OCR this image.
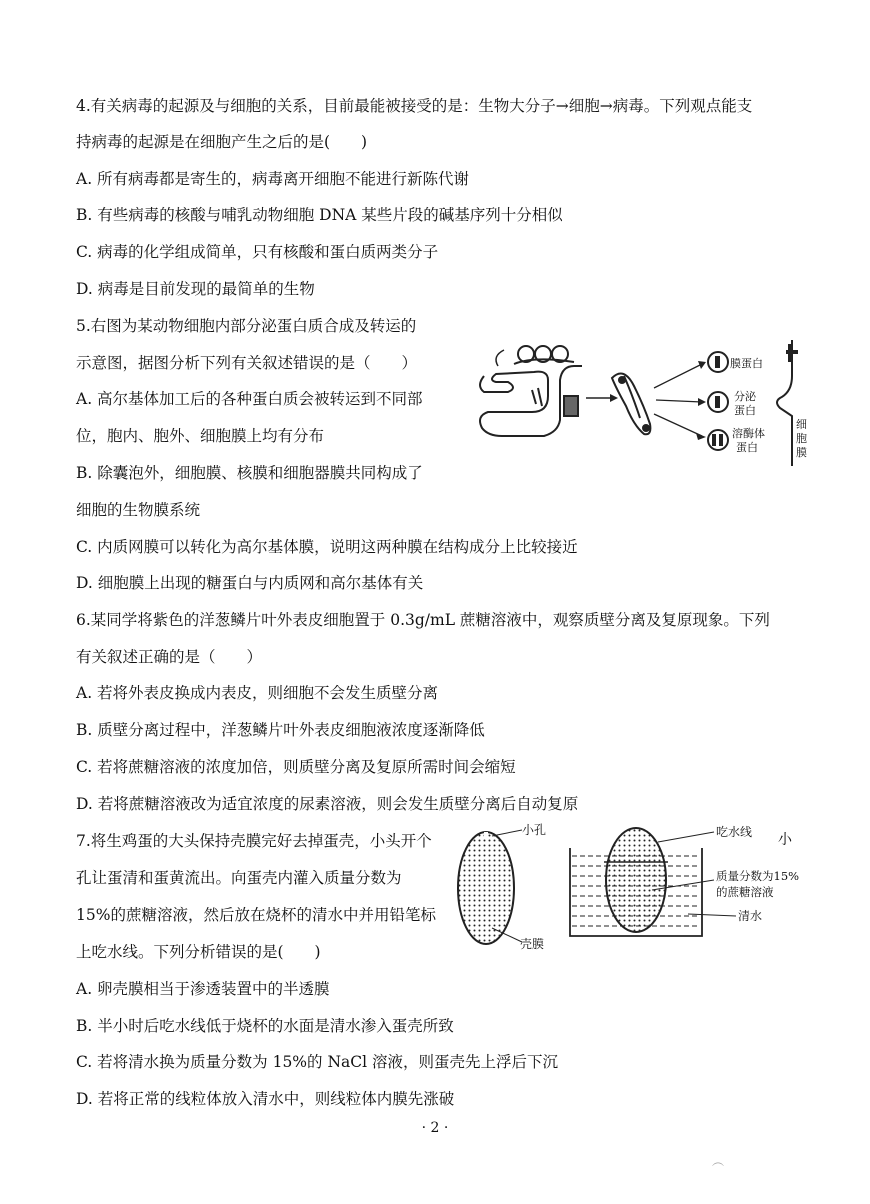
4.有关病毒的起源及与细胞的关系，目前最能被接受的是：生物大分子→细胞→病毒。下列观点能支
持病毒的起源是在细胞产生之后的是(　　)
A. 所有病毒都是寄生的，病毒离开细胞不能进行新陈代谢
B. 有些病毒的核酸与哺乳动物细胞 DNA 某些片段的碱基序列十分相似
C. 病毒的化学组成简单，只有核酸和蛋白质两类分子
D. 病毒是目前发现的最简单的生物
5.右图为某动物细胞内部分泌蛋白质合成及转运的
示意图，据图分析下列有关叙述错误的是（　　）
A. 高尔基体加工后的各种蛋白质会被转运到不同部
位，胞内、胞外、细胞膜上均有分布
B. 除囊泡外，细胞膜、核膜和细胞器膜共同构成了
细胞的生物膜系统
C. 内质网膜可以转化为高尔基体膜，说明这两种膜在结构成分上比较接近
D. 细胞膜上出现的糖蛋白与内质网和高尔基体有关
膜蛋白
分泌
蛋白
溶酶体
蛋白
细
胞
膜
6.某同学将紫色的洋葱鳞片叶外表皮细胞置于 0.3g/mL 蔗糖溶液中，观察质壁分离及复原现象。下列
有关叙述正确的是（　　）
A. 若将外表皮换成内表皮，则细胞不会发生质壁分离
B. 质壁分离过程中，洋葱鳞片叶外表皮细胞液浓度逐渐降低
C. 若将蔗糖溶液的浓度加倍，则质壁分离及复原所需时间会缩短
D. 若将蔗糖溶液改为适宜浓度的尿素溶液，则会发生质壁分离后自动复原
7.将生鸡蛋的大头保持壳膜完好去掉蛋壳，小头开个
孔让蛋清和蛋黄流出。向蛋壳内灌入质量分数为
15%的蔗糖溶液，然后放在烧杯的清水中并用铅笔标
上吃水线。下列分析错误的是(　　)
A. 卵壳膜相当于渗透装置中的半透膜
B. 半小时后吃水线低于烧杯的水面是清水渗入蛋壳所致
C. 若将清水换为质量分数为 15%的 NaCl 溶液，则蛋壳先上浮后下沉
D. 若将正常的线粒体放入清水中，则线粒体内膜先涨破
小孔
壳膜
吃水线 小
质量分数为15%
的蔗糖溶液
清水
· 2 ·
︵
